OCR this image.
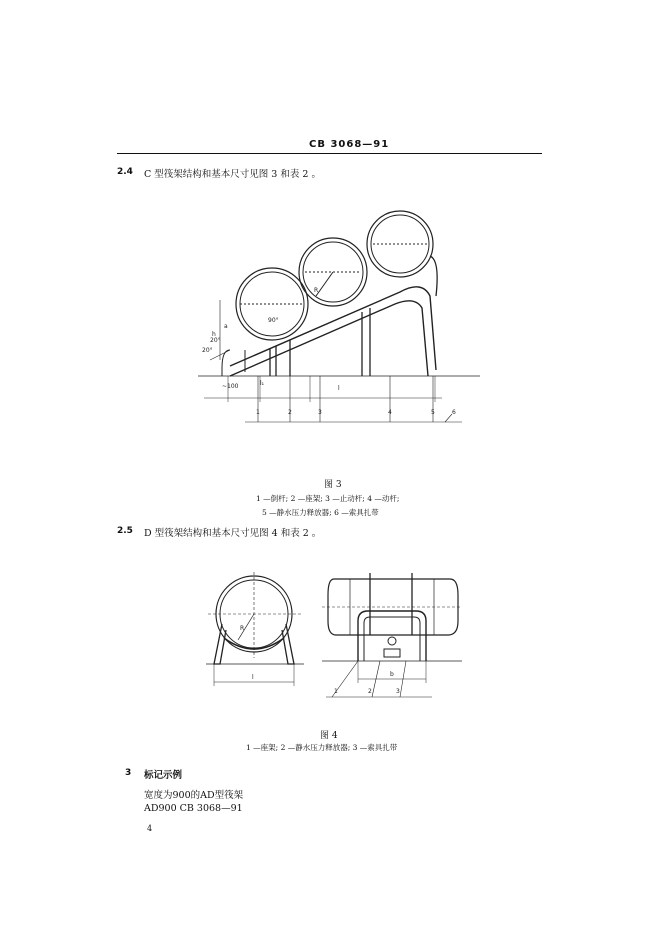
CB 3068—91
2.4 C 型筏架结构和基本尺寸见图 3 和表 2 。
20°
h
20°
R
90°
a
l₁
~100	l
1	2	3	4	5	6
图 3
1 —倒杆; 2 —座架; 3 —止动杆; 4 —动杆;
5 —静水压力释放器; 6 —索具扎带
2.5 D 型筏架结构和基本尺寸见图 4 和表 2 。
R
l	b
1	2	3
图 4
1 —座架; 2 —静水压力释放器; 3 —索具扎带
3 标记示例
宽度为900的AD型筏架
AD900 CB 3068—91
4
